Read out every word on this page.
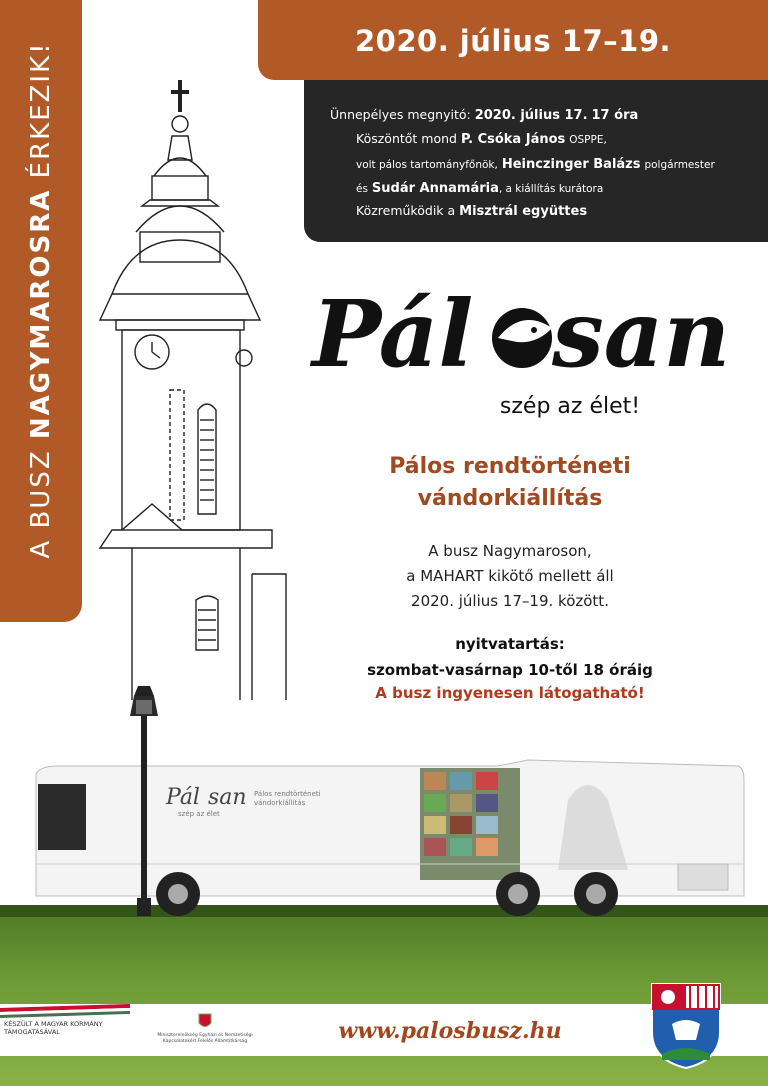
A BUSZ NAGYMAROSRA ÉRKEZIK!
2020. július 17–19.
Ünnepélyes megnyitó: 2020. július 17. 17 óra
Köszöntőt mond P. Csóka János OSPPE,
volt pálos tartományfőnök, Heinczinger Balázs polgármester
és Sudár Annamária, a kiállítás kurátora
Közreműködik a Misztrál együttes
Pál san
szép az élet!
Pálos rendtörténeti
vándorkiállítás
A busz Nagymaroson,
a MAHART kikötő mellett áll
2020. július 17–19. között.
nyitvatartás:
szombat-vasárnap 10-től 18 óráig
A busz ingyenesen látogatható!
Pál san
szép az élet
Pálos rendtörténeti
vándorkiállítás
KÉSZÜLT A MAGYAR KORMÁNY TÁMOGATÁSÁVAL	Miniszterelnökség Egyházi és Nemzetiségi Kapcsolatokért Felelős Államtitkárság	www.palosbusz.hu
